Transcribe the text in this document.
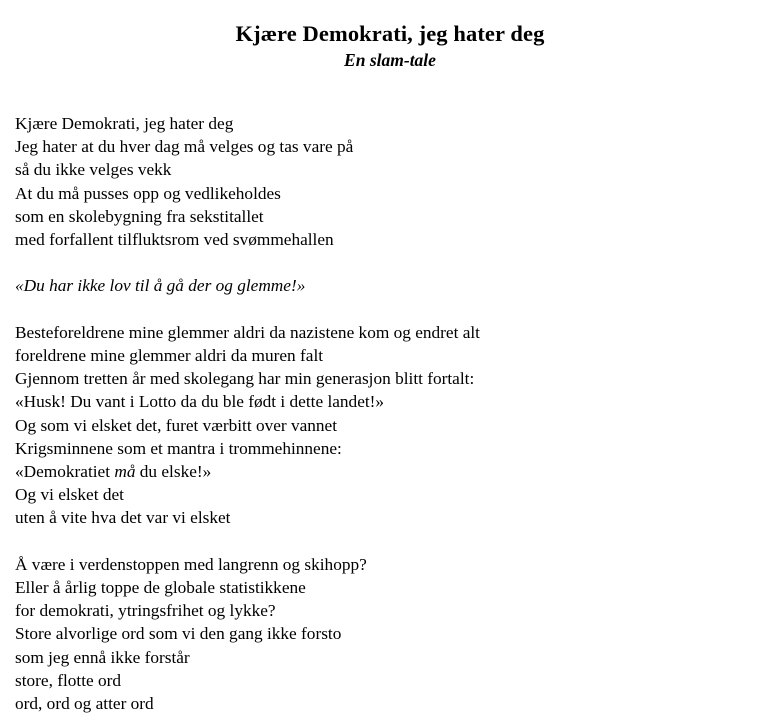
Kjære Demokrati, jeg hater deg
En slam-tale
Kjære Demokrati, jeg hater deg
Jeg hater at du hver dag må velges og tas vare på
så du ikke velges vekk
At du må pusses opp og vedlikeholdes
som en skolebygning fra sekstitallet
med forfallent tilfluktsrom ved svømmehallen
«Du har ikke lov til å gå der og glemme!»
Besteforeldrene mine glemmer aldri da nazistene kom og endret alt
foreldrene mine glemmer aldri da muren falt
Gjennom tretten år med skolegang har min generasjon blitt fortalt:
«Husk! Du vant i Lotto da du ble født i dette landet!»
Og som vi elsket det, furet værbitt over vannet
Krigsminnene som et mantra i trommehinnene:
«Demokratiet må du elske!»
Og vi elsket det
uten å vite hva det var vi elsket
Å være i verdenstoppen med langrenn og skihopp?
Eller å årlig toppe de globale statistikkene
for demokrati, ytringsfrihet og lykke?
Store alvorlige ord som vi den gang ikke forsto
som jeg ennå ikke forstår
store, flotte ord
ord, ord og atter ord
